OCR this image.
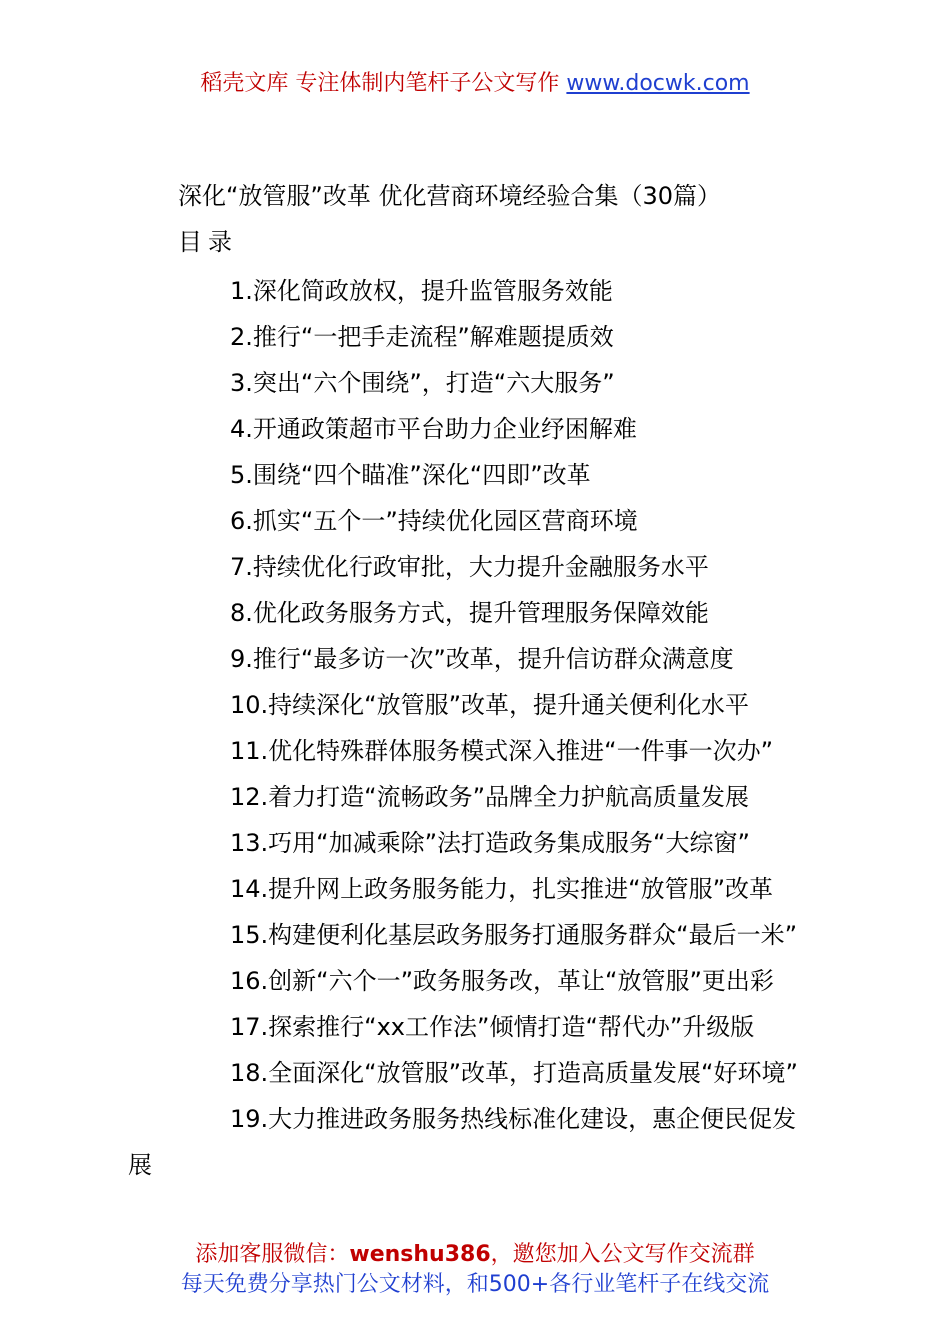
稻壳文库 专注体制内笔杆子公文写作 www.docwk.com
深化“放管服”改革 优化营商环境经验合集（30篇）
目录
1.深化简政放权，提升监管服务效能
2.推行“一把手走流程”解难题提质效
3.突出“六个围绕”，打造“六大服务”
4.开通政策超市平台助力企业纾困解难
5.围绕“四个瞄准”深化“四即”改革
6.抓实“五个一”持续优化园区营商环境
7.持续优化行政审批，大力提升金融服务水平
8.优化政务服务方式，提升管理服务保障效能
9.推行“最多访一次”改革，提升信访群众满意度
10.持续深化“放管服”改革，提升通关便利化水平
11.优化特殊群体服务模式深入推进“一件事一次办”
12.着力打造“流畅政务”品牌全力护航高质量发展
13.巧用“加减乘除”法打造政务集成服务“大综窗”
14.提升网上政务服务能力，扎实推进“放管服”改革
15.构建便利化基层政务服务打通服务群众“最后一米”
16.创新“六个一”政务服务改，革让“放管服”更出彩
17.探索推行“xx工作法”倾情打造“帮代办”升级版
18.全面深化“放管服”改革，打造高质量发展“好环境”
19.大力推进政务服务热线标准化建设，惠企便民促发
展
添加客服微信：wenshu386，邀您加入公文写作交流群
每天免费分享热门公文材料，和500+各行业笔杆子在线交流
